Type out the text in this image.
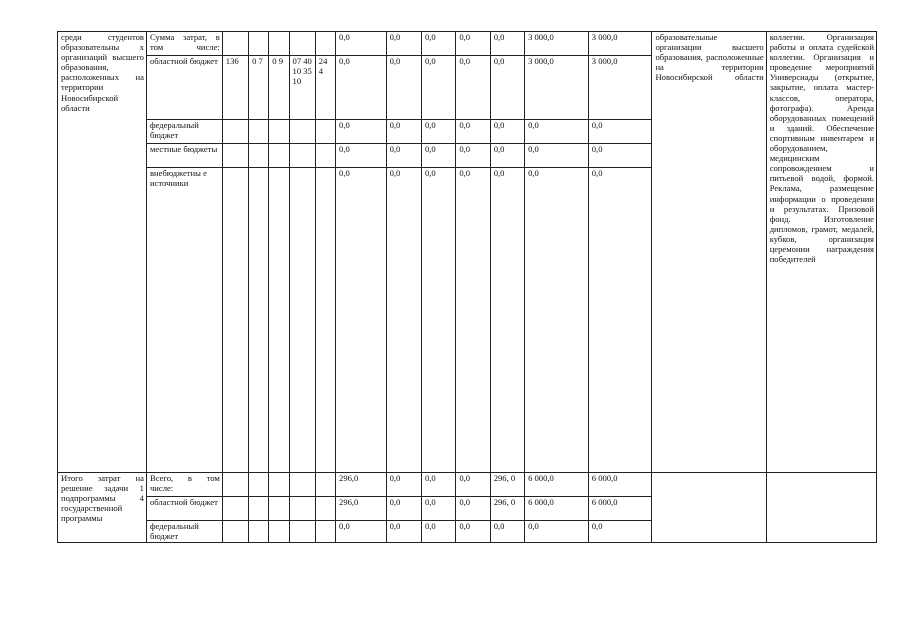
среди студентов образовательны х организаций высшего образования, расположенных на территории Новосибирской области	Сумма затрат, в том числе:						0,0	0,0	0,0	0,0	0,0	3 000,0	3 000,0	образовательные организации высшего образования, расположенные на территории Новосибирской области	коллегии. Организация работы и оплата судейской коллегии. Организация и проведение мероприятий Универсиады (открытие, закрытие, оплата мастер-классов, оператора, фотографа). Аренда оборудованных помещений и зданий. Обеспечение спортивным инвентарем и оборудованием, медицинским сопровождением и питьевой водой, формой. Реклама, размещение информации о проведении и результатах. Призовой фонд. Изготовление дипломов, грамот, медалей, кубков, организация церемонии награждения победителей
	областной бюджет	136	0 7	0 9	07 40 10 35 10	24 4	0,0	0,0	0,0	0,0	0,0	3 000,0	3 000,0		
	федеральный бюджет						0,0	0,0	0,0	0,0	0,0	0,0	0,0		
	местные бюджеты						0,0	0,0	0,0	0,0	0,0	0,0	0,0		
	внебюджетны е источники						0,0	0,0	0,0	0,0	0,0	0,0	0,0		
Итого затрат на решение задачи 1 подпрограммы 4 государственной программы	Всего, в том числе:						296,0	0,0	0,0	0,0	296, 0	6 000,0	6 000,0		
	областной бюджет						296,0	0,0	0,0	0,0	296, 0	6 000,0	6 000,0		
	федеральный бюджет						0,0	0,0	0,0	0,0	0,0	0,0	0,0		
